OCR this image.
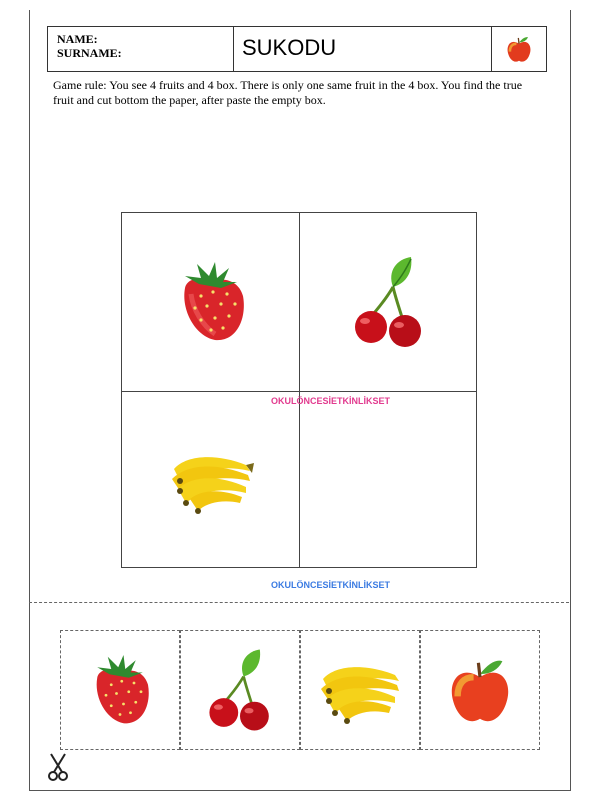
NAME:
SURNAME:	SUKODU
Game rule: You see 4 fruits and 4 box. There is only one same fruit in the 4 box. You find the true fruit and cut bottom the paper, after paste the empty box.
OKULÖNCESİETKİNLİKSET
OKULÖNCESİETKİNLİKSET
